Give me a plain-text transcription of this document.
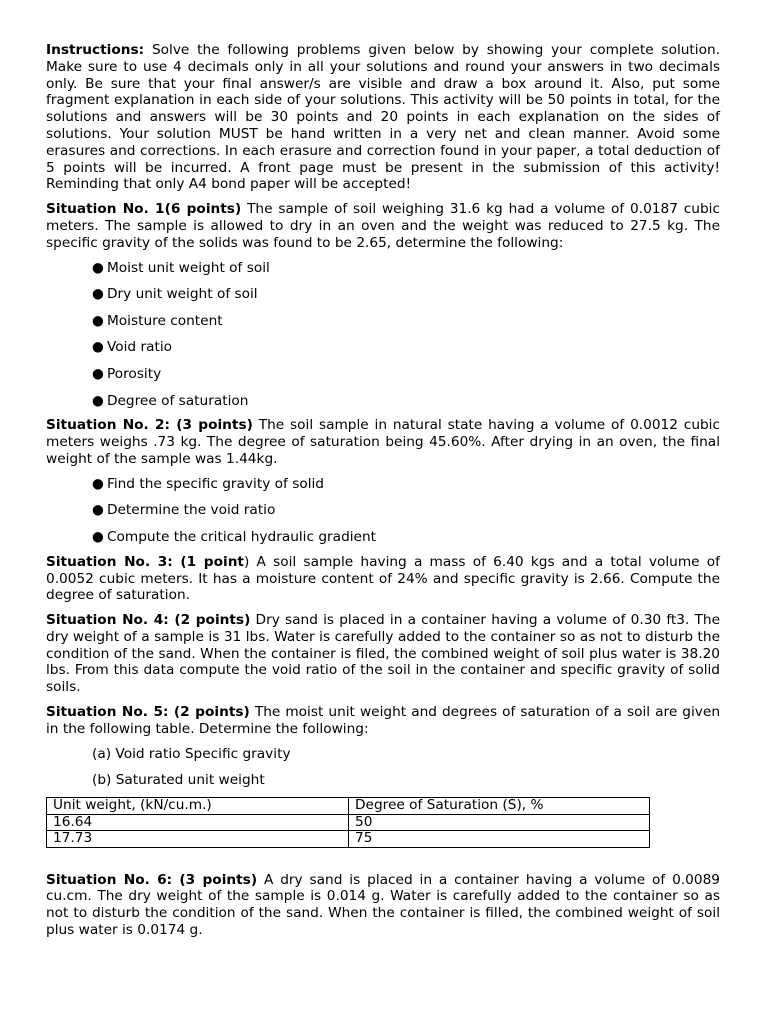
Instructions: Solve the following problems given below by showing your complete solution. Make sure to use 4 decimals only in all your solutions and round your answers in two decimals only. Be sure that your final answer/s are visible and draw a box around it. Also, put some fragment explanation in each side of your solutions. This activity will be 50 points in total, for the solutions and answers will be 30 points and 20 points in each explanation on the sides of solutions. Your solution MUST be hand written in a very net and clean manner. Avoid some erasures and corrections. In each erasure and correction found in your paper, a total deduction of 5 points will be incurred. A front page must be present in the submission of this activity! Reminding that only A4 bond paper will be accepted!

Situation No. 1(6 points) The sample of soil weighing 31.6 kg had a volume of 0.0187 cubic meters. The sample is allowed to dry in an oven and the weight was reduced to 27.5 kg. The specific gravity of the solids was found to be 2.65, determine the following:

● Moist unit weight of soil
● Dry unit weight of soil
● Moisture content
● Void ratio
● Porosity
● Degree of saturation

Situation No. 2: (3 points) The soil sample in natural state having a volume of 0.0012 cubic meters weighs .73 kg. The degree of saturation being 45.60%. After drying in an oven, the final weight of the sample was 1.44kg.

● Find the specific gravity of solid
● Determine the void ratio
● Compute the critical hydraulic gradient

Situation No. 3: (1 point) A soil sample having a mass of 6.40 kgs and a total volume of 0.0052 cubic meters. It has a moisture content of 24% and specific gravity is 2.66. Compute the degree of saturation.

Situation No. 4: (2 points) Dry sand is placed in a container having a volume of 0.30 ft3. The dry weight of a sample is 31 lbs. Water is carefully added to the container so as not to disturb the condition of the sand. When the container is filed, the combined weight of soil plus water is 38.20 lbs. From this data compute the void ratio of the soil in the container and specific gravity of solid soils.

Situation No. 5: (2 points) The moist unit weight and degrees of saturation of a soil are given in the following table. Determine the following:

(a) Void ratio Specific gravity
(b) Saturated unit weight
Unit weight, (kN/cu.m.)	Degree of Saturation (S), %
16.64	50
17.73	75

Situation No. 6: (3 points) A dry sand is placed in a container having a volume of 0.0089 cu.cm. The dry weight of the sample is 0.014 g. Water is carefully added to the container so as not to disturb the condition of the sand. When the container is filled, the combined weight of soil plus water is 0.0174 g.
